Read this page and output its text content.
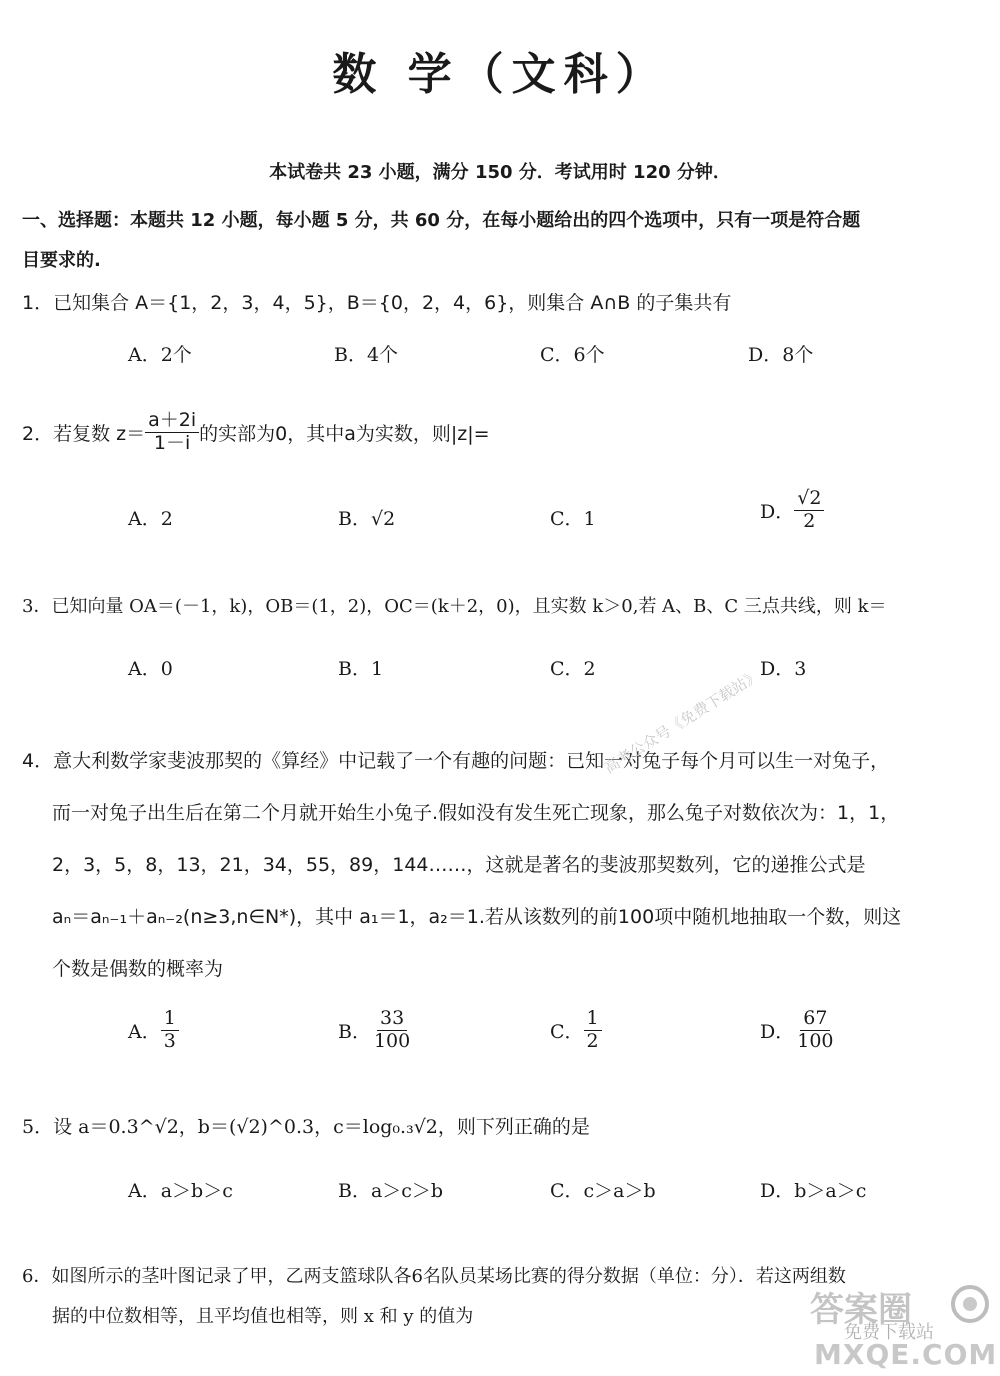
数 学（文科）
本试卷共 23 小题，满分 150 分．考试用时 120 分钟．
一、选择题：本题共 12 小题，每小题 5 分，共 60 分，在每小题给出的四个选项中，只有一项是符合题
目要求的.
1．已知集合 A＝{1，2，3，4，5}，B＝{0，2，4，6}，则集合 A∩B 的子集共有
A．2个	B．4个	C．6个	D．8个
2．若复数 $z= \frac{a+2i}{1-i}$ 的实部为0，其中a为实数，则|z|=
A．2	B．√2	C．1	D． $\frac{√2}{2}$
3．已知向量 OA＝(－1，k)，OB＝(1，2)，OC＝(k＋2，0)，且实数 k＞0,若 A、B、C 三点共线，则 k＝
A．0	B．1	C．2	D．3
4．意大利数学家斐波那契的《算经》中记载了一个有趣的问题：已知一对兔子每个月可以生一对兔子，
而一对兔子出生后在第二个月就开始生小兔子.假如没有发生死亡现象，那么兔子对数依次为：1，1，
2，3，5，8，13，21，34，55，89，144……，这就是著名的斐波那契数列，它的递推公式是
aₙ＝aₙ₋₁＋aₙ₋₂(n≥3,n∈N*)，其中 a₁＝1，a₂＝1.若从该数列的前100项中随机地抽取一个数，则这
个数是偶数的概率为
A． $\frac{1}{3}$	B． $\frac{33}{100}$	C． $\frac{1}{2}$	D． $\frac{67}{100}$
5．设 a＝0.3^√2，b＝(√2)^0.3，c＝log₀.₃√2，则下列正确的是
A．a＞b＞c	B．a＞c＞b	C．c＞a＞b	D．b＞a＞c
6．如图所示的茎叶图记录了甲，乙两支篮球队各6名队员某场比赛的得分数据（单位：分）．若这两组数
据的中位数相等，且平均值也相等，则 x 和 y 的值为
高考公众号《免费下载站》
答案圈
免费下载站
MXQE.COM
